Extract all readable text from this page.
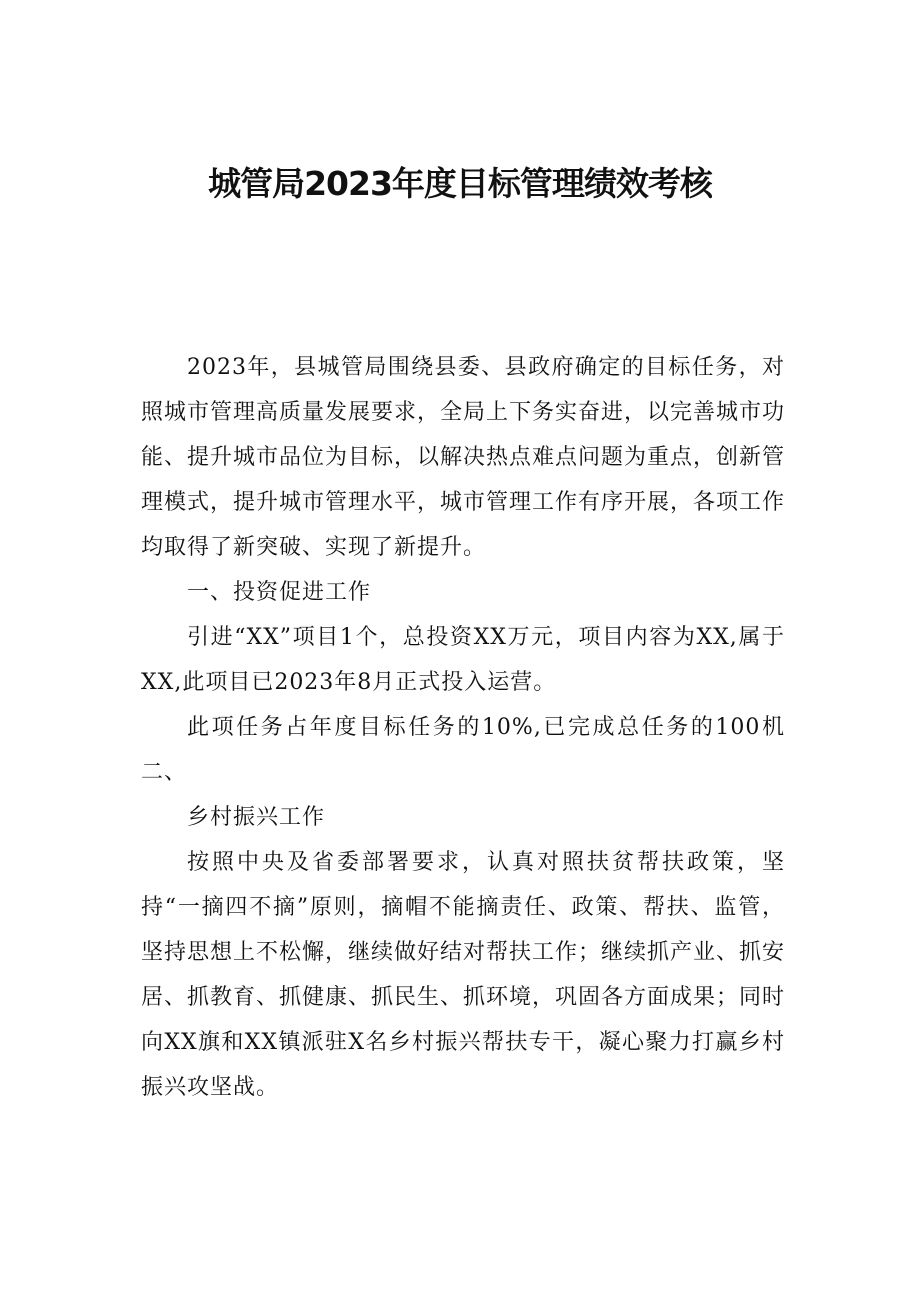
城管局2023年度目标管理绩效考核

2023年，县城管局围绕县委、县政府确定的目标任务，对照城市管理高质量发展要求，全局上下务实奋进，以完善城市功能、提升城市品位为目标，以解决热点难点问题为重点，创新管理模式，提升城市管理水平，城市管理工作有序开展，各项工作均取得了新突破、实现了新提升。

一、投资促进工作

引进“XX”项目1个，总投资XX万元，项目内容为XX,属于XX,此项目已2023年8月正式投入运营。

此项任务占年度目标任务的10%,已完成总任务的100机二、

乡村振兴工作

按照中央及省委部署要求，认真对照扶贫帮扶政策，坚持“一摘四不摘”原则，摘帽不能摘责任、政策、帮扶、监管，坚持思想上不松懈，继续做好结对帮扶工作；继续抓产业、抓安居、抓教育、抓健康、抓民生、抓环境，巩固各方面成果；同时向XX旗和XX镇派驻X名乡村振兴帮扶专干，凝心聚力打赢乡村振兴攻坚战。
